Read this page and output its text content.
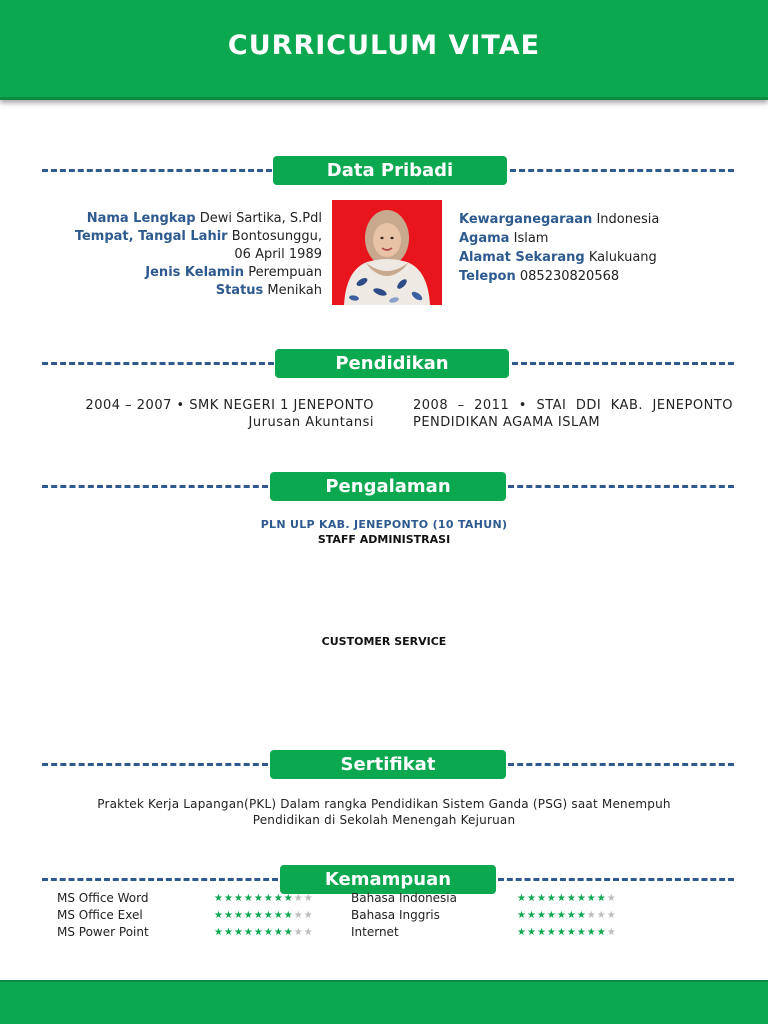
CURRICULUM VITAE
Data Pribadi
Nama Lengkap Dewi Sartika, S.Pdl
Tempat, Tangal Lahir Bontosunggu,
06 April 1989
Jenis Kelamin Perempuan
Status Menikah
Kewarganegaraan Indonesia
Agama Islam
Alamat Sekarang Kalukuang
Telepon 085230820568
Pendidikan
2004 – 2007 • SMK NEGERI 1 JENEPONTO
Jurusan Akuntansi
2008 – 2011 • STAI DDI KAB. JENEPONTO
PENDIDIKAN AGAMA ISLAM
Pengalaman
PLN ULP KAB. JENEPONTO (10 TAHUN)
STAFF ADMINISTRASI
CUSTOMER SERVICE
Sertifikat
Praktek Kerja Lapangan(PKL) Dalam rangka Pendidikan Sistem Ganda (PSG) saat Menempuh
Pendidikan di Sekolah Menengah Kejuruan
Kemampuan
MS Office Word	★★★★★★★★★★
MS Office Exel	★★★★★★★★★★
MS Power Point	★★★★★★★★★★
Bahasa Indonesia	★★★★★★★★★★
Bahasa Inggris	★★★★★★★★★★
Internet	★★★★★★★★★★
